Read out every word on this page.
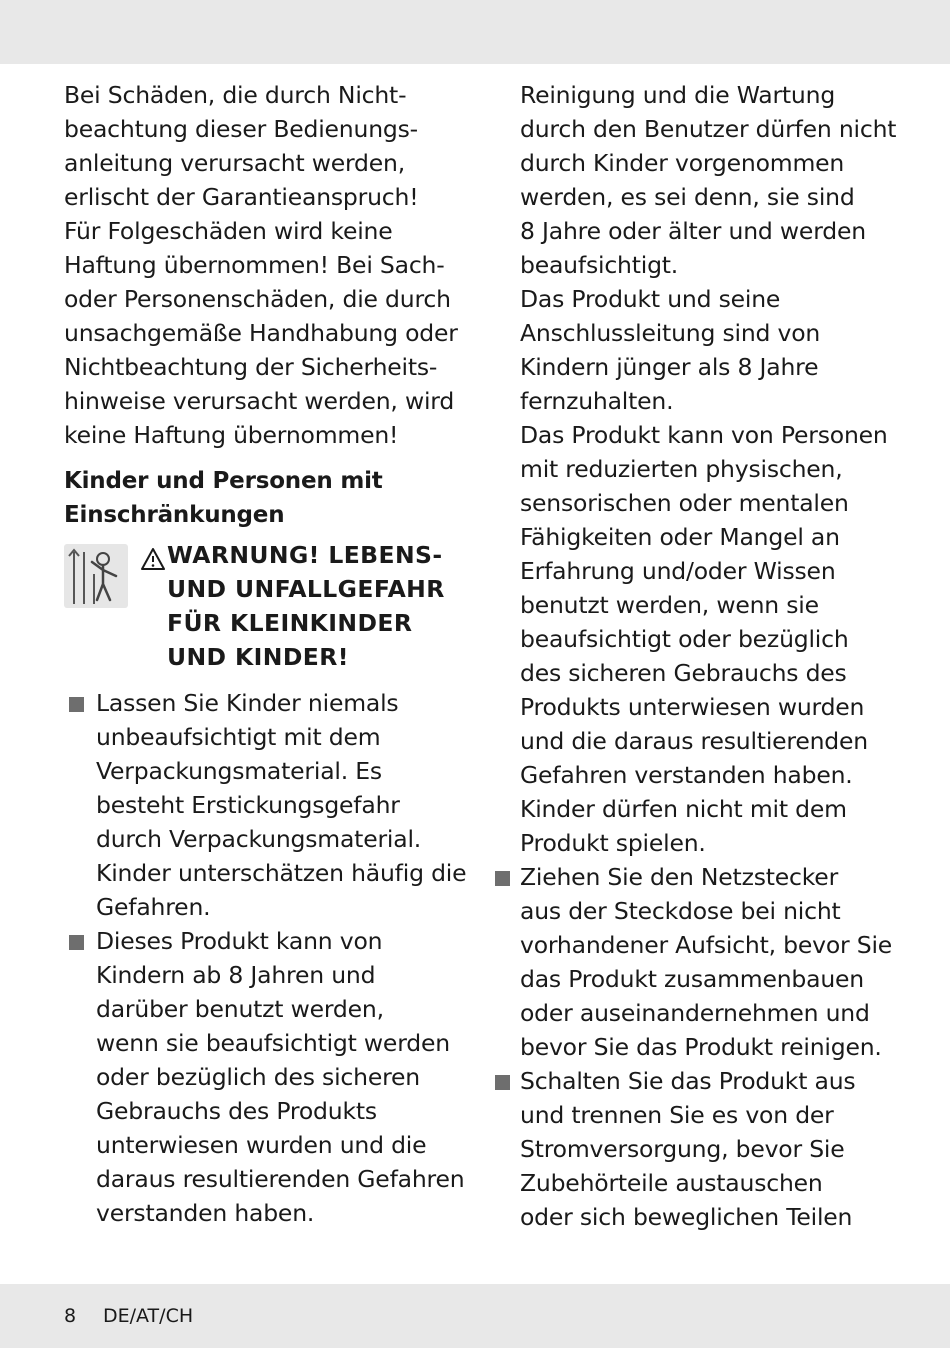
Bei Schäden, die durch Nicht-
beachtung dieser Bedienungs-
anleitung verursacht werden,
erlischt der Garantieanspruch!
Für Folgeschäden wird keine
Haftung übernommen! Bei Sach-
oder Personenschäden, die durch
unsachgemäße Handhabung oder
Nichtbeachtung der Sicherheits-
hinweise verursacht werden, wird
keine Haftung übernommen!
Kinder und Personen mit
Einschränkungen
WARNUNG! LEBENS-
UND UNFALLGEFAHR
FÜR KLEINKINDER
UND KINDER!
Lassen Sie Kinder niemals
unbeaufsichtigt mit dem
Verpackungsmaterial. Es
besteht Erstickungsgefahr
durch Verpackungsmaterial.
Kinder unterschätzen häufig die
Gefahren.
Dieses Produkt kann von
Kindern ab 8 Jahren und
darüber benutzt werden,
wenn sie beaufsichtigt werden
oder bezüglich des sicheren
Gebrauchs des Produkts
unterwiesen wurden und die
daraus resultierenden Gefahren
verstanden haben.
Reinigung und die Wartung
durch den Benutzer dürfen nicht
durch Kinder vorgenommen
werden, es sei denn, sie sind
8 Jahre oder älter und werden
beaufsichtigt.
Das Produkt und seine
Anschlussleitung sind von
Kindern jünger als 8 Jahre
fernzuhalten.
Das Produkt kann von Personen
mit reduzierten physischen,
sensorischen oder mentalen
Fähigkeiten oder Mangel an
Erfahrung und/oder Wissen
benutzt werden, wenn sie
beaufsichtigt oder bezüglich
des sicheren Gebrauchs des
Produkts unterwiesen wurden
und die daraus resultierenden
Gefahren verstanden haben.
Kinder dürfen nicht mit dem
Produkt spielen.
Ziehen Sie den Netzstecker
aus der Steckdose bei nicht
vorhandener Aufsicht, bevor Sie
das Produkt zusammenbauen
oder auseinandernehmen und
bevor Sie das Produkt reinigen.
Schalten Sie das Produkt aus
und trennen Sie es von der
Stromversorgung, bevor Sie
Zubehörteile austauschen
oder sich beweglichen Teilen
8 DE/AT/CH
